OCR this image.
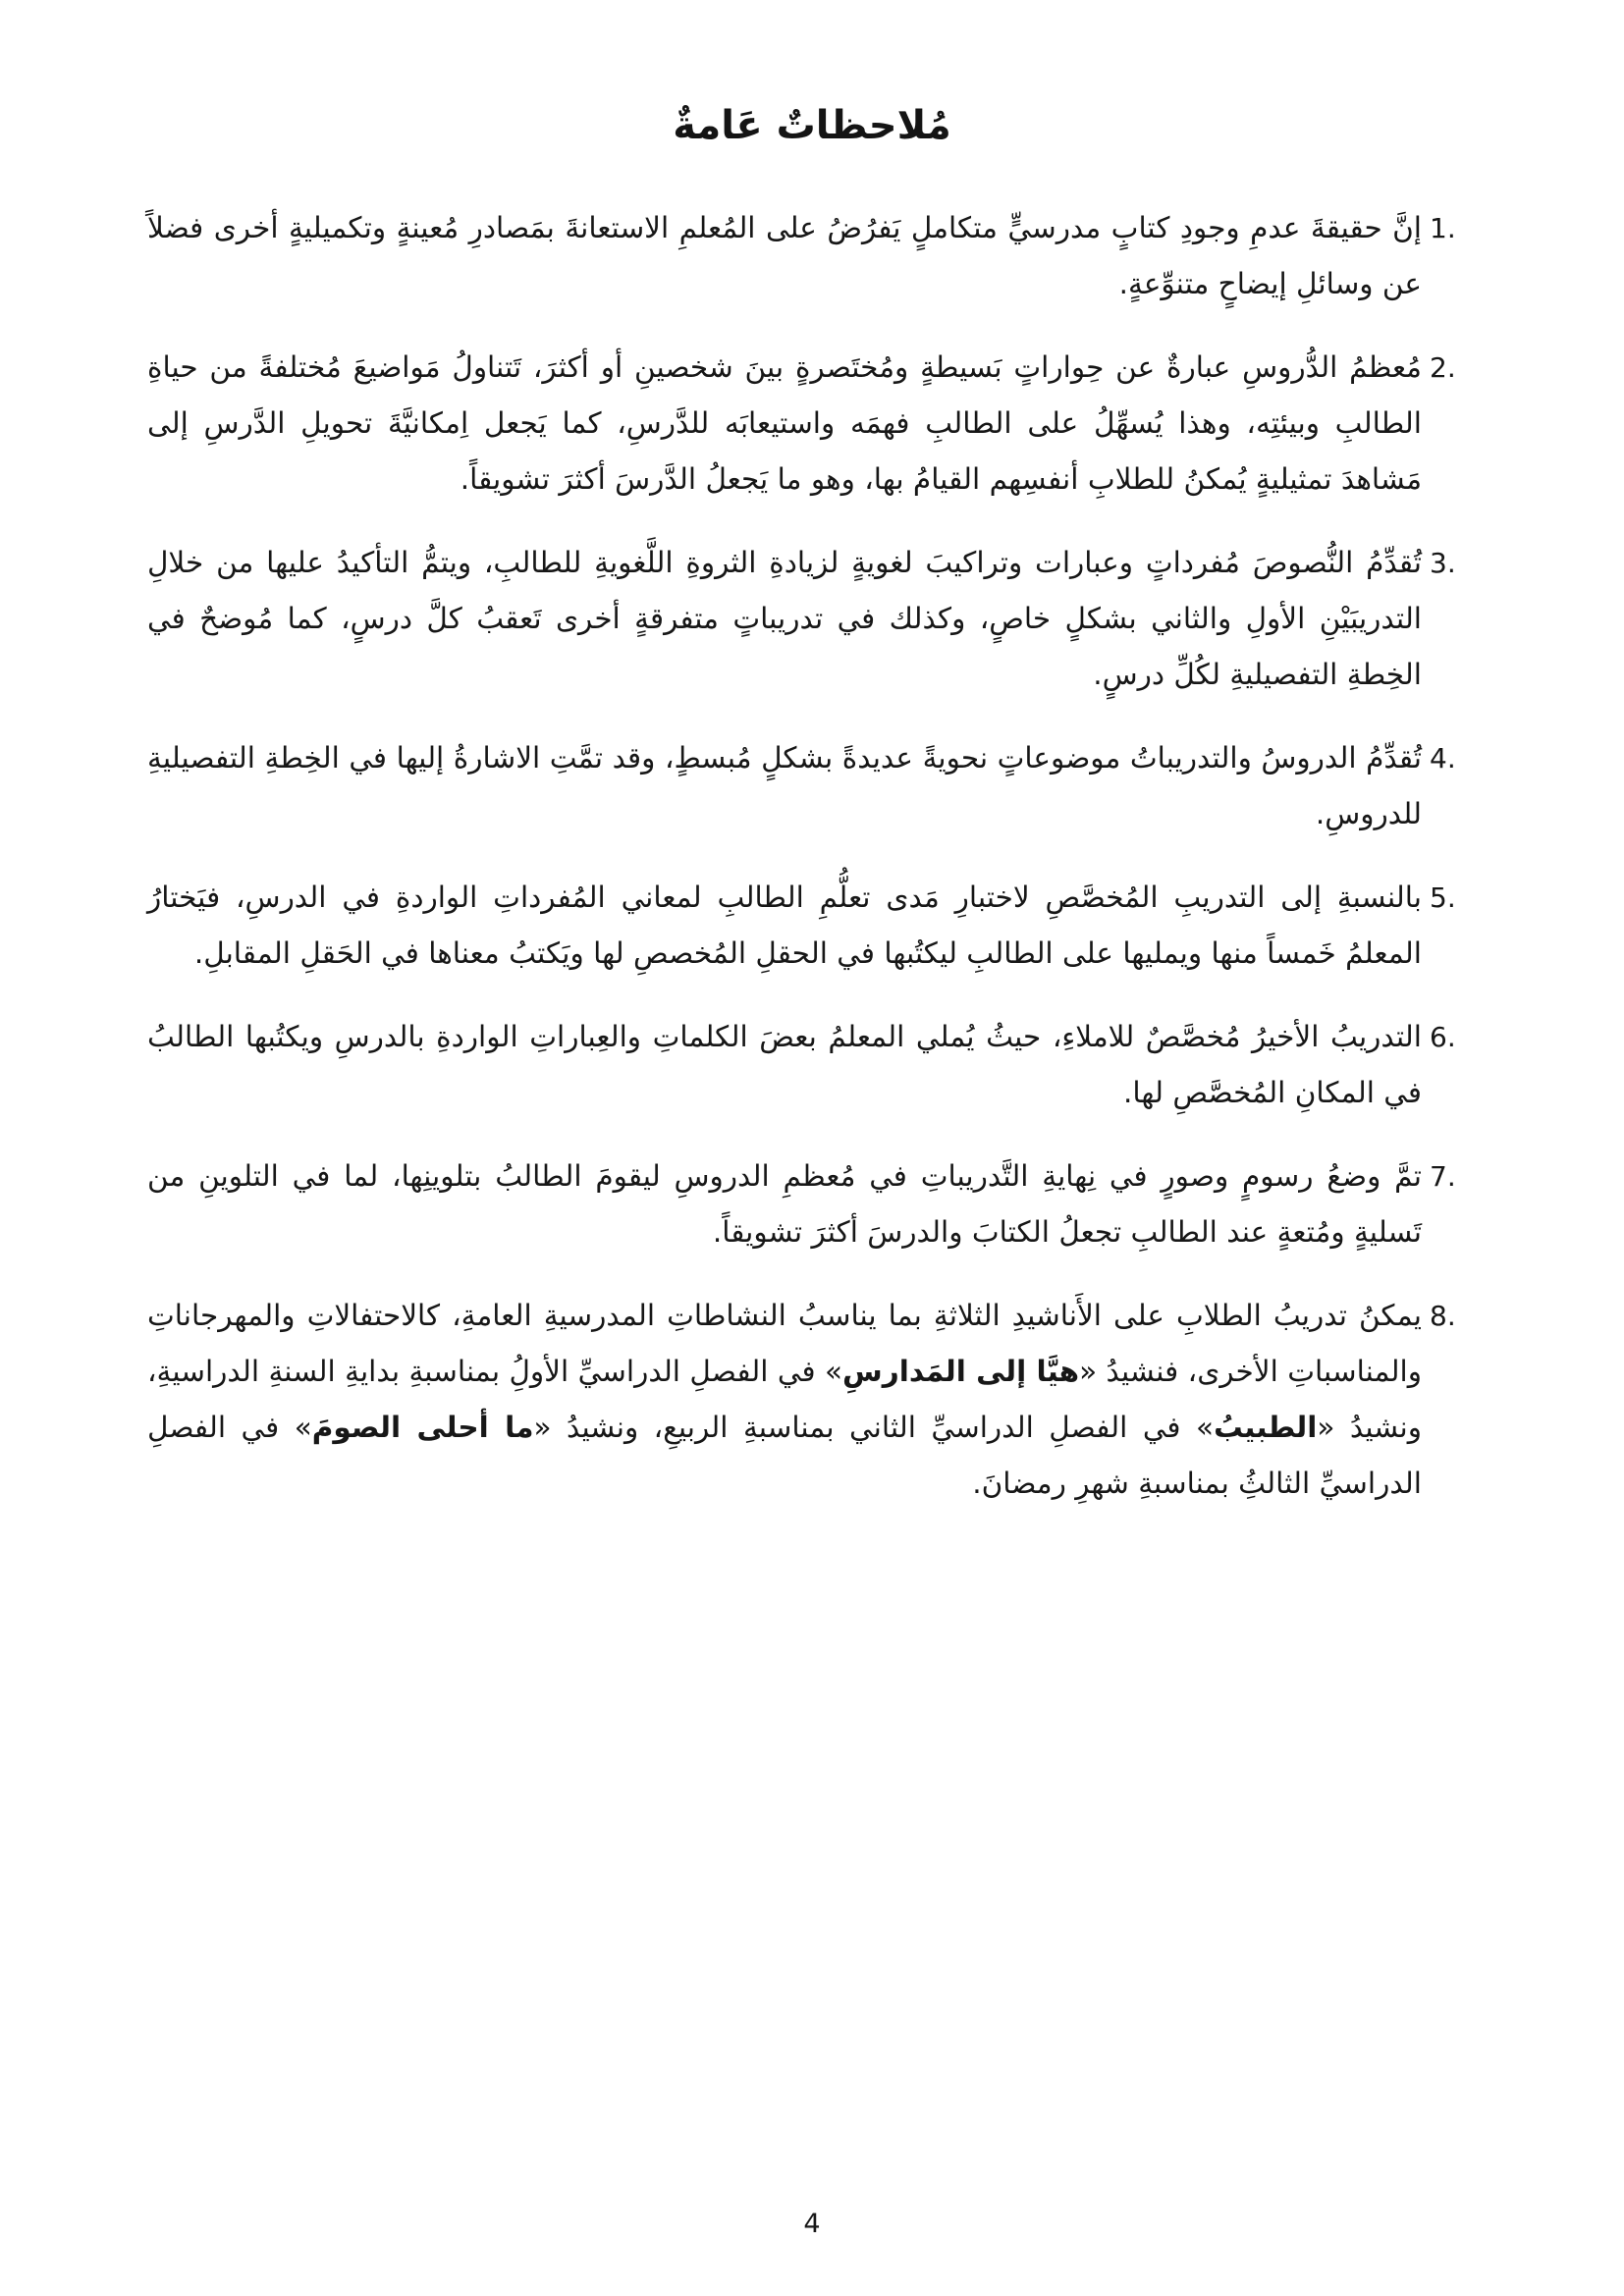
مُلاحظاتٌ عَامةٌ
1.
إنَّ حقيقةَ عدمِ وجودِ كتابٍ مدرسيٍّ متكاملٍ يَفرُضُ على المُعلمِ الاستعانةَ بمَصادرِ مُعينةٍ وتكميليةٍ أخرى فضلاً عن وسائلِ إيضاحٍ متنوِّعةٍ.
2.
مُعظمُ الدُّروسِ عبارةٌ عن حِواراتٍ بَسيطةٍ ومُختَصرةٍ بينَ شخصينِ أو أكثرَ، تَتناولُ مَواضيعَ مُختلفةً من حياةِ الطالبِ وبيئتِه، وهذا يُسهِّلُ على الطالبِ فهمَه واستيعابَه للدَّرسِ، كما يَجعل اِمكانيَّةَ تحويلِ الدَّرسِ إلى مَشاهدَ تمثيليةٍ يُمكنُ للطلابِ أنفسِهم القيامُ بها، وهو ما يَجعلُ الدَّرسَ أكثرَ تشويقاً.
3.
تُقدِّمُ النُّصوصَ مُفرداتٍ وعبارات وتراكيبَ لغويةٍ لزيادةِ الثروةِ اللَّغويةِ للطالبِ، ويتمُّ التأكيدُ عليها من خلالِ التدريبَيْنِ الأولِ والثاني بشكلٍ خاصٍ، وكذلك في تدريباتٍ متفرقةٍ أخرى تَعقبُ كلَّ درسٍ، كما مُوضحٌ في الخِطةِ التفصيليةِ لكُلِّ درسٍ.
4.
تُقدِّمُ الدروسُ والتدريباتُ موضوعاتٍ نحويةً عديدةً بشكلٍ مُبسطٍ، وقد تمَّتِ الاشارةُ إليها في الخِطةِ التفصيليةِ للدروسِ.
5.
بالنسبةِ إلى التدريبِ المُخصَّصِ لاختبارِ مَدى تعلُّمِ الطالبِ لمعاني المُفرداتِ الواردةِ في الدرسِ، فيَختارُ المعلمُ خَمساً منها ويمليها على الطالبِ ليكتُبها في الحقلِ المُخصصِ لها ويَكتبُ معناها في الحَقلِ المقابلِ.
6.
التدريبُ الأخيرُ مُخصَّصٌ للاملاءِ، حيثُ يُملي المعلمُ بعضَ الكلماتِ والعِباراتِ الواردةِ بالدرسِ ويكتُبها الطالبُ في المكانِ المُخصَّصِ لها.
7.
تمَّ وضعُ رسومٍ وصورٍ في نِهايةِ التَّدريباتِ في مُعظمِ الدروسِ ليقومَ الطالبُ بتلوينِها، لما في التلوينِ من تَسليةٍ ومُتعةٍ عند الطالبِ تجعلُ الكتابَ والدرسَ أكثرَ تشويقاً.
8.
يمكنُ تدريبُ الطلابِ على الأَناشيدِ الثلاثةِ بما يناسبُ النشاطاتِ المدرسيةِ العامةِ، كالاحتفالاتِ والمهرجاناتِ والمناسباتِ الأخرى، فنشيدُ «هيَّا إلى المَدارسِ» في الفصلِ الدراسيِّ الأولُِ بمناسبةِ بدايةِ السنةِ الدراسيةِ، ونشيدُ «الطبيبُ» في الفصلِ الدراسيِّ الثاني بمناسبةِ الربيعِ، ونشيدُ «ما أحلى الصومَ» في الفصلِ الدراسيِّ الثالثُِ بمناسبةِ شهرِ رمضانَ.
4
